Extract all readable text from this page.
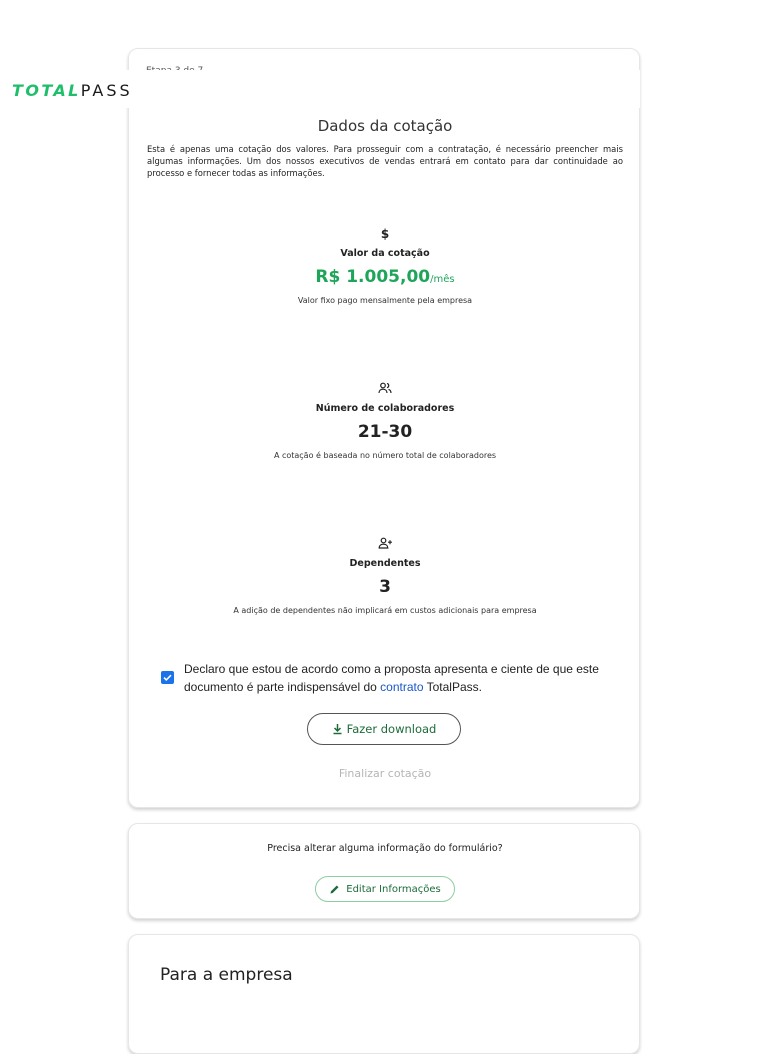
Dados da cotação
Esta é apenas uma cotação dos valores. Para prosseguir com a contratação, é necessário preencher mais algumas informações. Um dos nossos executivos de vendas entrará em contato para dar continuidade ao processo e fornecer todas as informações.
$
Valor da cotação
R$ 1.005,00/mês
Valor fixo pago mensalmente pela empresa
Número de colaboradores
21-30
A cotação é baseada no número total de colaboradores
Dependentes
3
A adição de dependentes não implicará em custos adicionais para empresa
Declaro que estou de acordo como a proposta apresenta e ciente de que este documento é parte indispensável do contrato TotalPass.
Fazer download
Finalizar cotação
TOTALPASS
Precisa alterar alguma informação do formulário?
Editar Informações
Para a empresa
